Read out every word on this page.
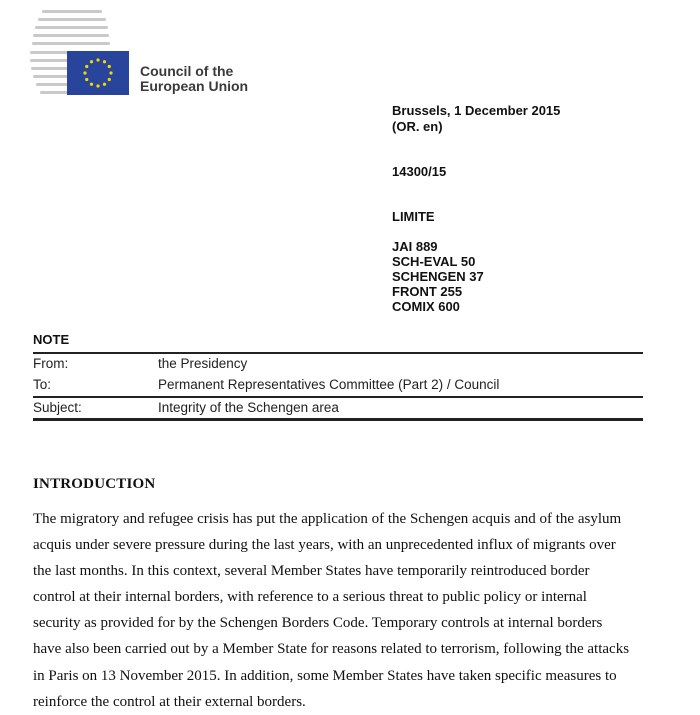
Council of the
European Union
Brussels, 1 December 2015
(OR. en)
14300/15
LIMITE
JAI 889
SCH-EVAL 50
SCHENGEN 37
FRONT 255
COMIX 600
NOTE
From:	the Presidency
To:	Permanent Representatives Committee (Part 2) / Council
Subject:	Integrity of the Schengen area
INTRODUCTION
The migratory and refugee crisis has put the application of the Schengen acquis and of the asylum
acquis under severe pressure during the last years, with an unprecedented influx of migrants over
the last months. In this context, several Member States have temporarily reintroduced border
control at their internal borders, with reference to a serious threat to public policy or internal
security as provided for by the Schengen Borders Code. Temporary controls at internal borders
have also been carried out by a Member State for reasons related to terrorism, following the attacks
in Paris on 13 November 2015. In addition, some Member States have taken specific measures to
reinforce the control at their external borders.
